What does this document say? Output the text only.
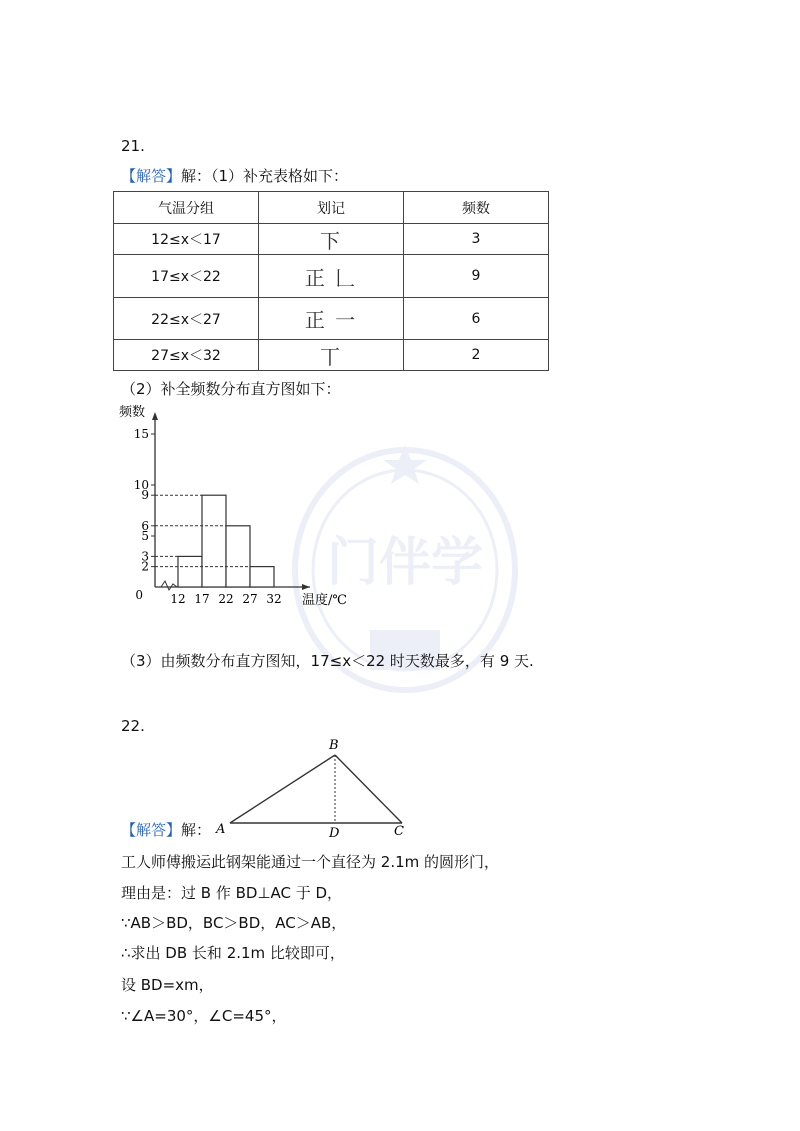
门伴学
21.
【解答】解：（1）补充表格如下：
气温分组	划记	频数
12≤x＜17	下	3
17≤x＜22	正 𠃊	9
22≤x＜27	正 一	6
27≤x＜32	丅	2
（2）补全频数分布直方图如下：
2
3
5
6
9
10
15
0 12 17 22 27 32 温度/℃
频数
（3）由频数分布直方图知，17≤x＜22 时天数最多，有 9 天.
22.
B
A	D	C
【解答】解：
工人师傅搬运此钢架能通过一个直径为 2.1m 的圆形门，
理由是：过 B 作 BD⊥AC 于 D，
∵AB＞BD，BC＞BD，AC＞AB，
∴求出 DB 长和 2.1m 比较即可，
设 BD=xm，
∵∠A=30°，∠C=45°，
